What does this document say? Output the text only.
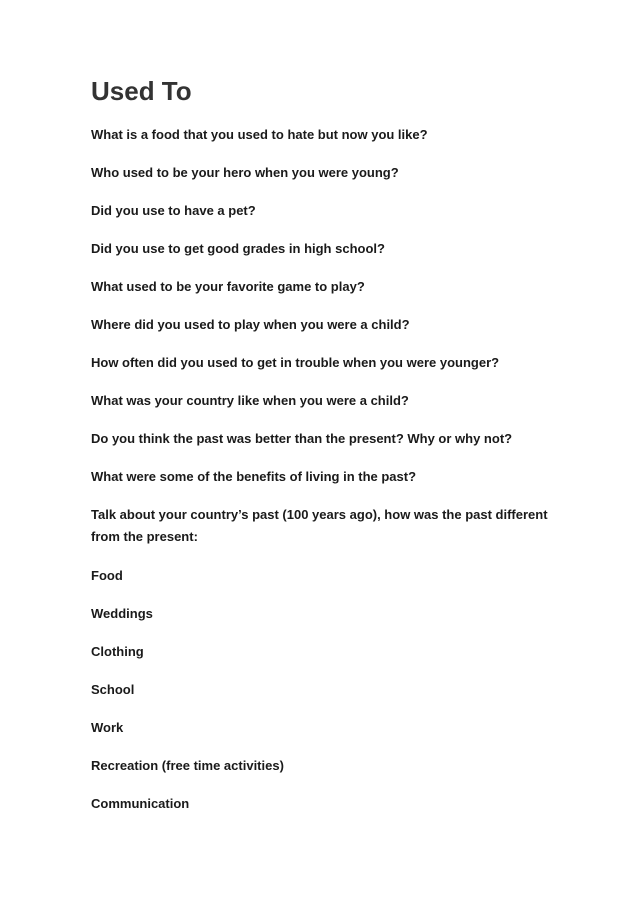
Used To

What is a food that you used to hate but now you like?

Who used to be your hero when you were young?

Did you use to have a pet?

Did you use to get good grades in high school?

What used to be your favorite game to play?

Where did you used to play when you were a child?

How often did you used to get in trouble when you were younger?

What was your country like when you were a child?

Do you think the past was better than the present? Why or why not?

What were some of the benefits of living in the past?

Talk about your country’s past (100 years ago), how was the past different from the present:

Food

Weddings

Clothing

School

Work

Recreation (free time activities)

Communication
